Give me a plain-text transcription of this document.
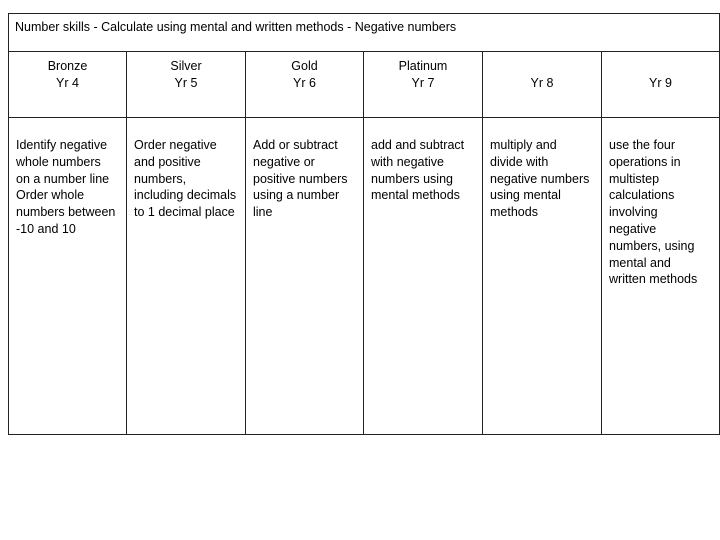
Number skills - Calculate using mental and written methods - Negative numbers
Bronze
Yr 4
Identify negative
whole numbers
on a number line
Order whole
numbers between
-10 and 10
Silver
Yr 5
Order negative
and positive
numbers,
including decimals
to 1 decimal place
Gold
Yr 6
Add or subtract
negative or
positive numbers
using a number
line
Platinum
Yr 7
add and subtract
with negative
numbers using
mental methods
Yr 8
multiply and
divide with
negative numbers
using mental
methods
Yr 9
use the four
operations in
multistep
calculations
involving
negative
numbers, using
mental and
written methods
